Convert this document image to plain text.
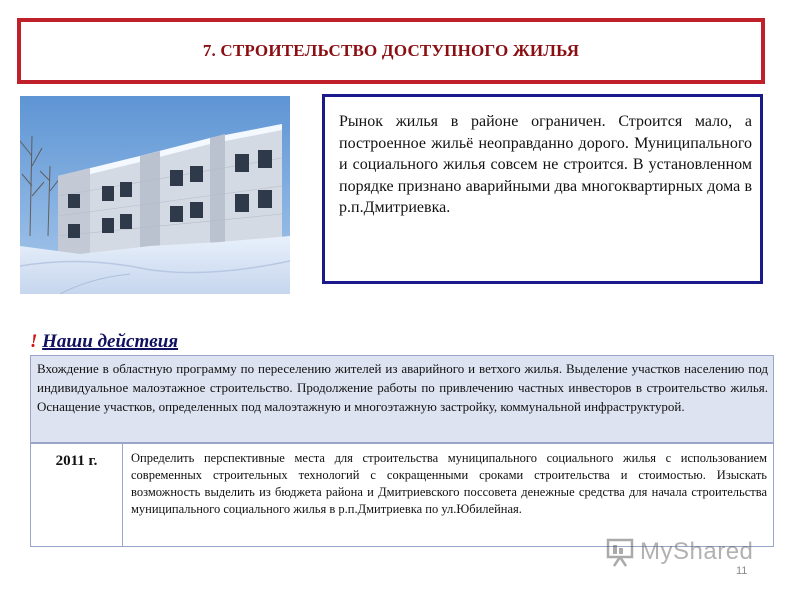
7. СТРОИТЕЛЬСТВО ДОСТУПНОГО ЖИЛЬЯ

Рынок жилья в районе ограничен. Строится мало, а построенное жильё неоправданно дорого. Муниципального и социального жилья совсем не строится. В установленном порядке признано аварийными два многоквартирных дома в р.п.Дмитриевка.

! Наши действия

Вхождение в областную программу по переселению жителей из аварийного и ветхого жилья. Выделение участков населению под индивидуальное малоэтажное строительство. Продолжение работы по привлечению частных инвесторов в строительство жилья. Оснащение участков, определенных под малоэтажную и многоэтажную застройку, коммунальной инфраструктурой.

2011 г.	Определить перспективные места для строительства муниципального социального жилья с использованием современных строительных технологий с сокращенными сроками строительства и стоимостью. Изыскать возможность выделить из бюджета района и Дмитриевского поссовета денежные средства для начала строительства муниципального социального жилья в р.п.Дмитриевка по ул.Юбилейная.

MyShared
11
